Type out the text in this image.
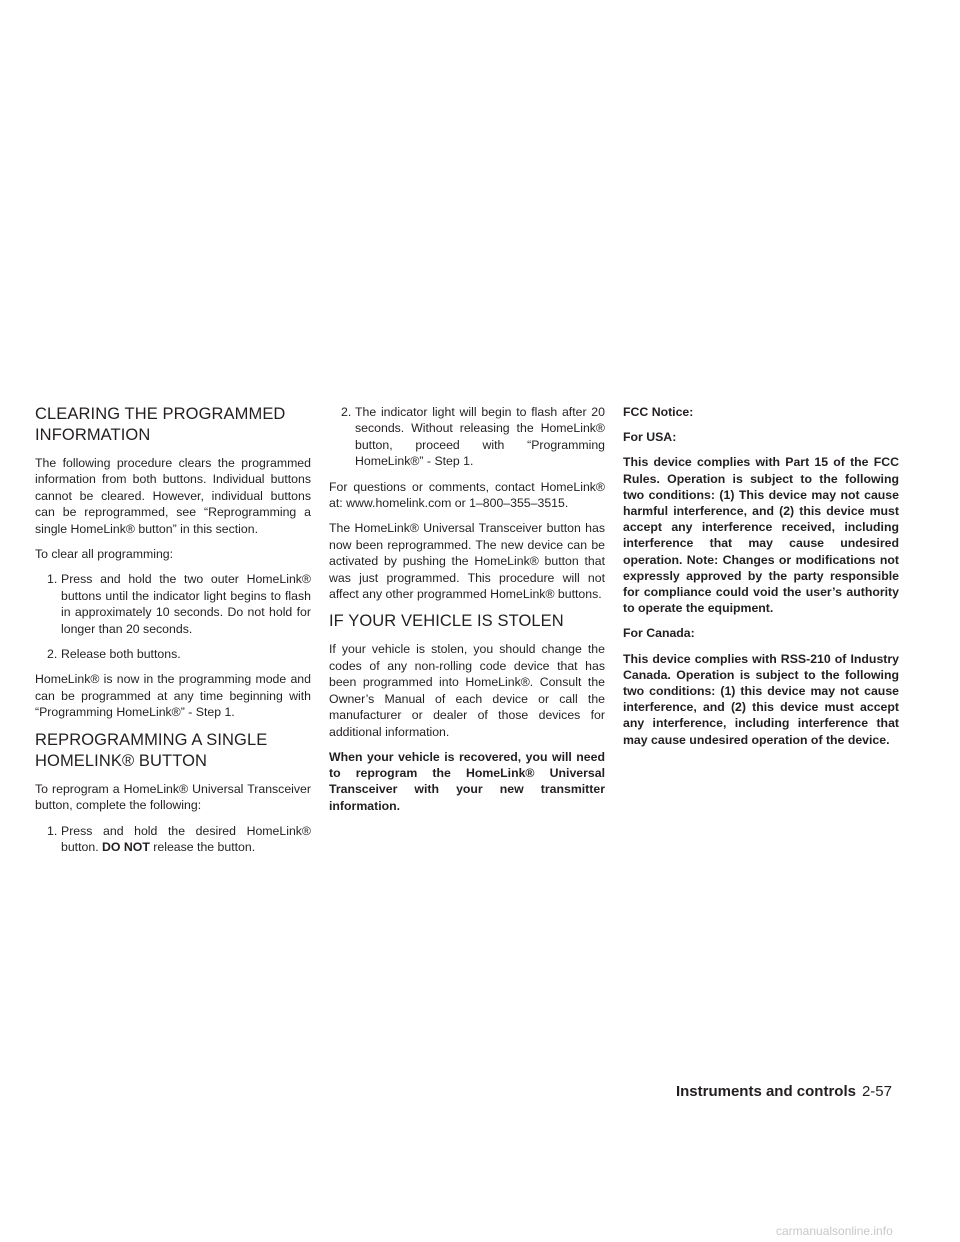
CLEARING THE PROGRAMMED INFORMATION

The following procedure clears the programmed information from both buttons. Individual buttons cannot be cleared. However, individual buttons can be reprogrammed, see “Reprogramming a single HomeLink® button” in this section.

To clear all programming:

1. Press and hold the two outer HomeLink® buttons until the indicator light begins to flash in approximately 10 seconds. Do not hold for longer than 20 seconds.
2. Release both buttons.

HomeLink® is now in the programming mode and can be programmed at any time beginning with “Programming HomeLink®” - Step 1.

REPROGRAMMING A SINGLE HOMELINK® BUTTON

To reprogram a HomeLink® Universal Transceiver button, complete the following:

1. Press and hold the desired HomeLink® button. DO NOT release the button.
2. The indicator light will begin to flash after 20 seconds. Without releasing the HomeLink® button, proceed with “Programming HomeLink®” - Step 1.

For questions or comments, contact HomeLink® at: www.homelink.com or 1–800–355–3515.

The HomeLink® Universal Transceiver button has now been reprogrammed. The new device can be activated by pushing the HomeLink® button that was just programmed. This procedure will not affect any other programmed HomeLink® buttons.

IF YOUR VEHICLE IS STOLEN

If your vehicle is stolen, you should change the codes of any non-rolling code device that has been programmed into HomeLink®. Consult the Owner’s Manual of each device or call the manufacturer or dealer of those devices for additional information.

When your vehicle is recovered, you will need to reprogram the HomeLink® Universal Transceiver with your new transmitter information.

FCC Notice:

For USA:

This device complies with Part 15 of the FCC Rules. Operation is subject to the following two conditions: (1) This device may not cause harmful interference, and (2) this device must accept any interference received, including interference that may cause undesired operation. Note: Changes or modifications not expressly approved by the party responsible for compliance could void the user’s authority to operate the equipment.

For Canada:

This device complies with RSS-210 of Industry Canada. Operation is subject to the following two conditions: (1) this device may not cause interference, and (2) this device must accept any interference, including interference that may cause undesired operation of the device.

Instruments and controls 2-57
carmanualsonline.info
